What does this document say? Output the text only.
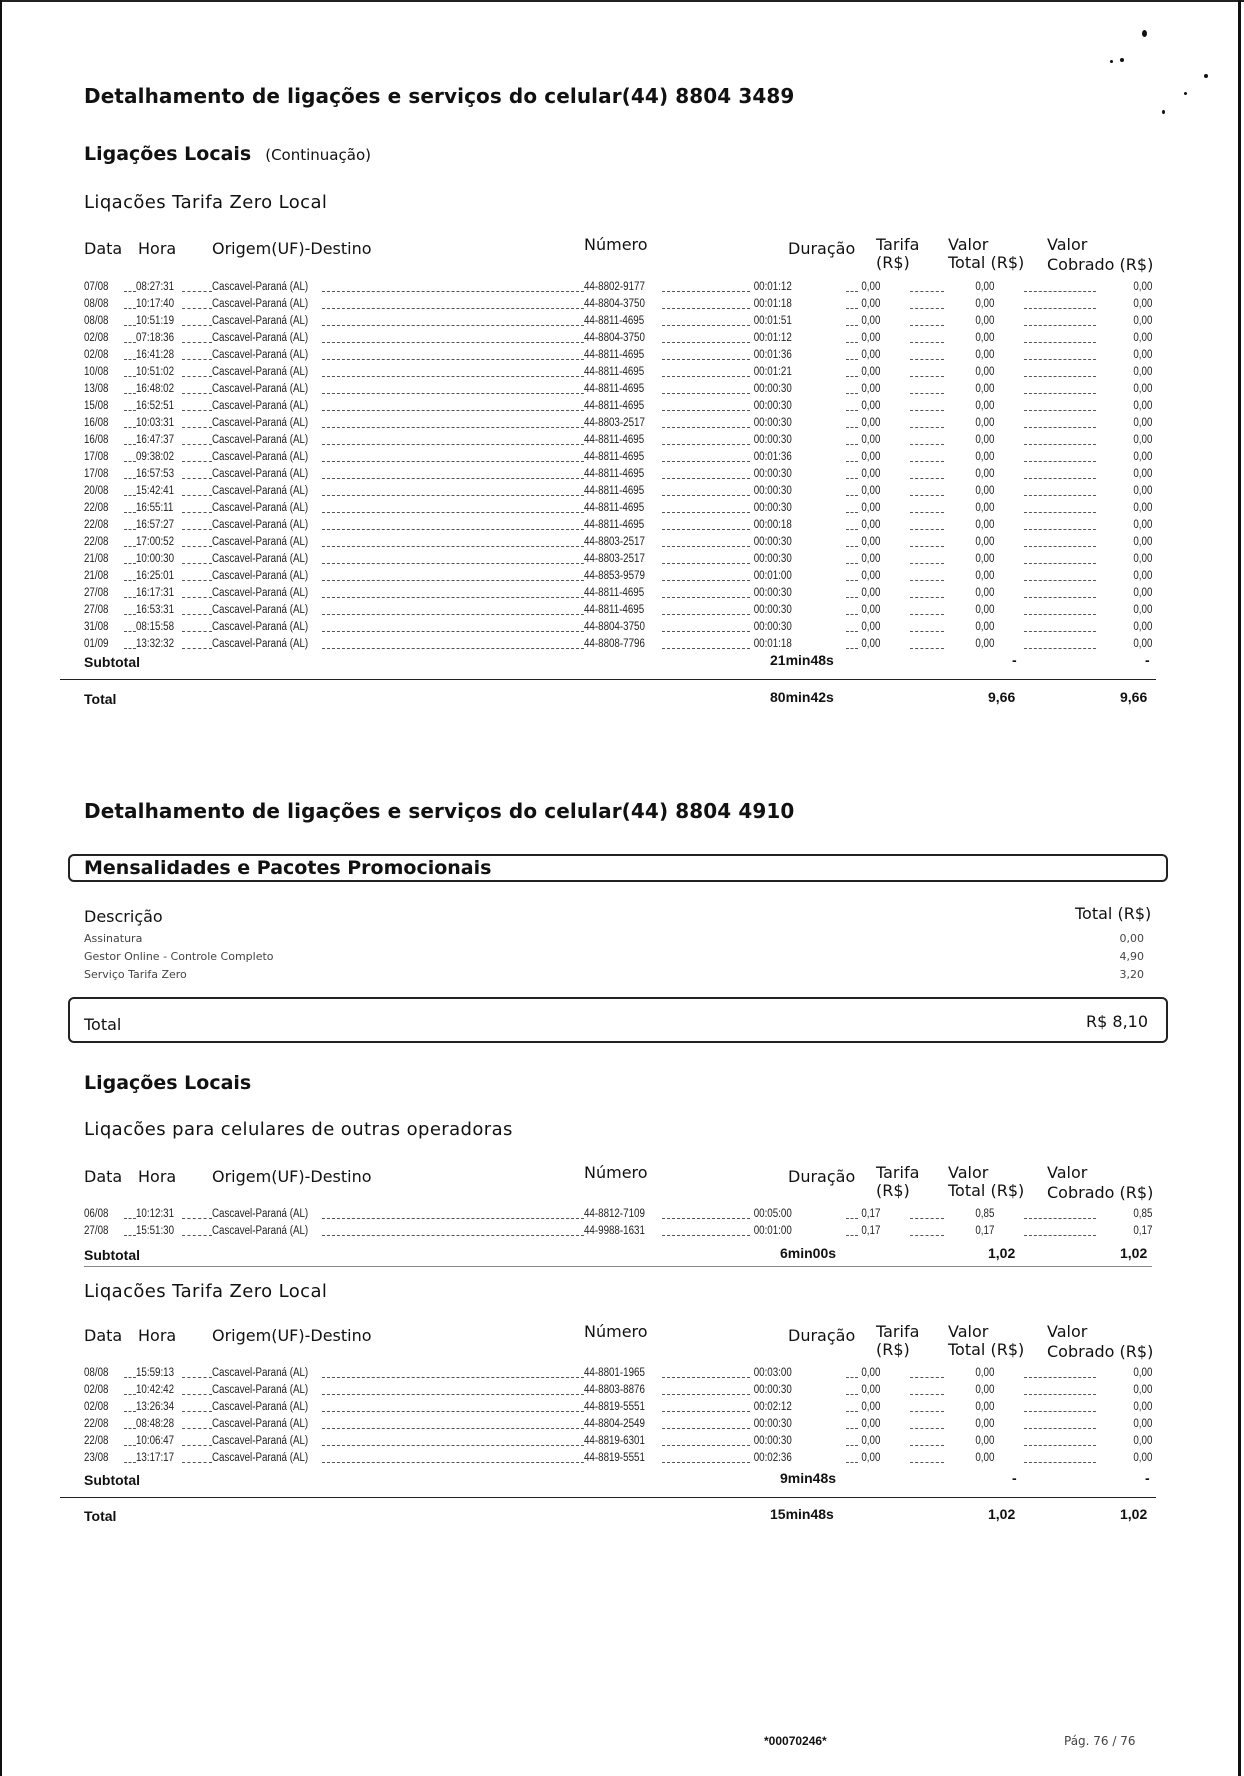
Detalhamento de ligações e serviços do celular(44) 8804 3489
Ligações Locais (Continuação)
Liqacões Tarifa Zero Local
Data Hora Origem(UF)-Destino	Número	Duração Tarifa
(R$)
Valor
Total (R$)
Valor
Cobrado (R$)
07/08 08:27:31	Cascavel-Paraná (AL)	44-8802-9177	00:01:12	0,00	0,00	0,00
08/08 10:17:40	Cascavel-Paraná (AL)	44-8804-3750	00:01:18	0,00	0,00	0,00
08/08 10:51:19	Cascavel-Paraná (AL)	44-8811-4695	00:01:51	0,00	0,00	0,00
02/08 07:18:36	Cascavel-Paraná (AL)	44-8804-3750	00:01:12	0,00	0,00	0,00
02/08 16:41:28	Cascavel-Paraná (AL)	44-8811-4695	00:01:36	0,00	0,00	0,00
10/08 10:51:02	Cascavel-Paraná (AL)	44-8811-4695	00:01:21	0,00	0,00	0,00
13/08 16:48:02	Cascavel-Paraná (AL)	44-8811-4695	00:00:30	0,00	0,00	0,00
15/08 16:52:51	Cascavel-Paraná (AL)	44-8811-4695	00:00:30	0,00	0,00	0,00
16/08 10:03:31	Cascavel-Paraná (AL)	44-8803-2517	00:00:30	0,00	0,00	0,00
16/08 16:47:37	Cascavel-Paraná (AL)	44-8811-4695	00:00:30	0,00	0,00	0,00
17/08 09:38:02	Cascavel-Paraná (AL)	44-8811-4695	00:01:36	0,00	0,00	0,00
17/08 16:57:53	Cascavel-Paraná (AL)	44-8811-4695	00:00:30	0,00	0,00	0,00
20/08 15:42:41	Cascavel-Paraná (AL)	44-8811-4695	00:00:30	0,00	0,00	0,00
22/08 16:55:11	Cascavel-Paraná (AL)	44-8811-4695	00:00:30	0,00	0,00	0,00
22/08 16:57:27	Cascavel-Paraná (AL)	44-8811-4695	00:00:18	0,00	0,00	0,00
22/08 17:00:52	Cascavel-Paraná (AL)	44-8803-2517	00:00:30	0,00	0,00	0,00
21/08 10:00:30	Cascavel-Paraná (AL)	44-8803-2517	00:00:30	0,00	0,00	0,00
21/08 16:25:01	Cascavel-Paraná (AL)	44-8853-9579	00:01:00	0,00	0,00	0,00
27/08 16:17:31	Cascavel-Paraná (AL)	44-8811-4695	00:00:30	0,00	0,00	0,00
27/08 16:53:31	Cascavel-Paraná (AL)	44-8811-4695	00:00:30	0,00	0,00	0,00
31/08 08:15:58	Cascavel-Paraná (AL)	44-8804-3750	00:00:30	0,00	0,00	0,00
01/09 13:32:32	Cascavel-Paraná (AL)	44-8808-7796	00:01:18	0,00	0,00	0,00
Subtotal	21min48s	-	-
Total	80min42s	9,66	9,66
Detalhamento de ligações e serviços do celular(44) 8804 4910
Mensalidades e Pacotes Promocionais
Descrição	Total (R$)
Assinatura	0,00
Gestor Online - Controle Completo	4,90
Serviço Tarifa Zero	3,20
Total	R$ 8,10
Ligações Locais
Liqacões para celulares de outras operadoras
Data Hora Origem(UF)-Destino	Número	Duração Tarifa
(R$)
Valor
Total (R$)
Valor
Cobrado (R$)
06/08 10:12:31	Cascavel-Paraná (AL)	44-8812-7109	00:05:00	0,17	0,85	0,85
27/08 15:51:30	Cascavel-Paraná (AL)	44-9988-1631	00:01:00	0,17	0,17	0,17
Subtotal	6min00s	1,02	1,02
Liqacões Tarifa Zero Local
Data Hora Origem(UF)-Destino	Número	Duração Tarifa
(R$)
Valor
Total (R$)
Valor
Cobrado (R$)
08/08 15:59:13	Cascavel-Paraná (AL)	44-8801-1965	00:03:00	0,00	0,00	0,00
02/08 10:42:42	Cascavel-Paraná (AL)	44-8803-8876	00:00:30	0,00	0,00	0,00
02/08 13:26:34	Cascavel-Paraná (AL)	44-8819-5551	00:02:12	0,00	0,00	0,00
22/08 08:48:28	Cascavel-Paraná (AL)	44-8804-2549	00:00:30	0,00	0,00	0,00
22/08 10:06:47	Cascavel-Paraná (AL)	44-8819-6301	00:00:30	0,00	0,00	0,00
23/08 13:17:17	Cascavel-Paraná (AL)	44-8819-5551	00:02:36	0,00	0,00	0,00
Subtotal	9min48s	-	-
Total	15min48s	1,02	1,02
*00070246*	Pág. 76 / 76
